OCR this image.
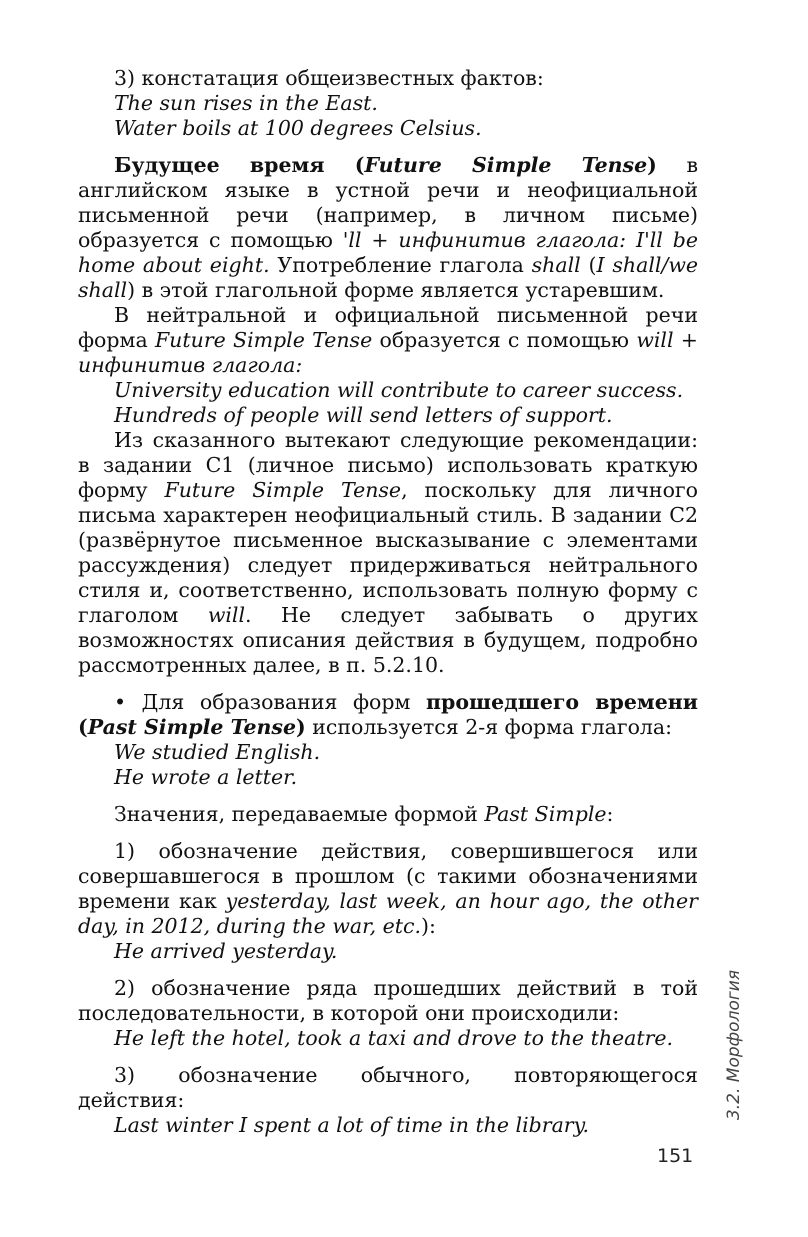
3) констатация общеизвестных фактов:

The sun rises in the East.

Water boils at 100 degrees Celsius.

Будущее время (Future Simple Tense) в английском языке в устной речи и неофициальной письменной речи (например, в личном письме) образуется с помощью 'll + инфинитив глагола: I'll be home about eight. Употребление глагола shall (I shall/we shall) в этой глагольной форме является устаревшим.

В нейтральной и официальной письменной речи форма Future Simple Tense образуется с помощью will + инфинитив глагола:

University education will contribute to career success.

Hundreds of people will send letters of support.

Из сказанного вытекают следующие рекомендации: в задании С1 (личное письмо) использовать краткую форму Future Simple Tense, поскольку для личного письма характерен неофициальный стиль. В задании С2 (развёрнутое письменное высказывание с элементами рассуждения) следует придерживаться нейтрального стиля и, соответственно, использовать полную форму с глаголом will. Не следует забывать о других возможностях описания действия в будущем, подробно рассмотренных далее, в п. 5.2.10.

• Для образования форм прошедшего времени (Past Simple Tense) используется 2-я форма глагола:

We studied English.

He wrote a letter.

Значения, передаваемые формой Past Simple:

1) обозначение действия, совершившегося или совершавшегося в прошлом (с такими обозначениями времени как yesterday, last week, an hour ago, the other day, in 2012, during the war, etc.):

He arrived yesterday.

2) обозначение ряда прошедших действий в той последовательности, в которой они происходили:

He left the hotel, took a taxi and drove to the theatre.

3) обозначение обычного, повторяющегося действия:

Last winter I spent a lot of time in the library.

151
3.2. Морфология
